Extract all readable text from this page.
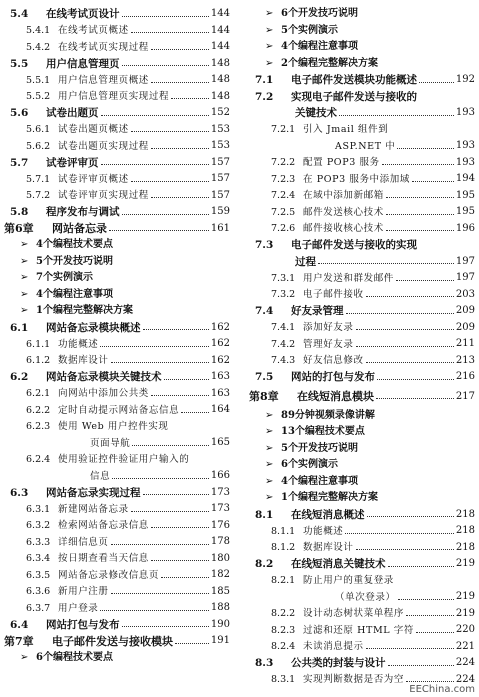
5.4	在线考试页设计	144
5.4.1 在线考试页概述	144
5.4.2 在线考试页实现过程	144
5.5	用户信息管理页	148
5.5.1 用户信息管理页概述	148
5.5.2 用户信息管理页实现过程	148
5.6	试卷出题页	152
5.6.1 试卷出题页概述	153
5.6.2 试卷出题页实现过程	153
5.7	试卷评审页	157
5.7.1 试卷评审页概述	157
5.7.2 试卷评审页实现过程	157
5.8	程序发布与调试	159
第6章	网站备忘录	161
➢ 4个编程技术要点
➢ 5个开发技巧说明
➢ 7个实例演示
➢ 4个编程注意事项
➢ 1个编程完整解决方案
6.1	网站备忘录模块概述	162
6.1.1 功能概述	162
6.1.2 数据库设计	162
6.2	网站备忘录模块关键技术	163
6.2.1 向网站中添加公共类	163
6.2.2 定时自动提示网站备忘信息	164
6.2.3 使用 Web 用户控件实现
页面导航	165
6.2.4 使用验证控件验证用户输入的
信息	166
6.3	网站备忘录实现过程	173
6.3.1 新建网站备忘录	173
6.3.2 检索网站备忘录信息	176
6.3.3 详细信息页	178
6.3.4 按日期查看当天信息	180
6.3.5 网站备忘录修改信息页	182
6.3.6 新用户注册	185
6.3.7 用户登录	188
6.4	网站打包与发布	190
第7章	电子邮件发送与接收模块	191
➢ 6个编程技术要点
➢ 6个开发技巧说明
➢ 5个实例演示
➢ 4个编程注意事项
➢ 2个编程完整解决方案
7.1	电子邮件发送模块功能概述	192
7.2	实现电子邮件发送与接收的
关键技术	193
7.2.1 引入 Jmail 组件到
ASP.NET 中	193
7.2.2 配置 POP3 服务	193
7.2.3 在 POP3 服务中添加域	194
7.2.4 在域中添加新邮箱	195
7.2.5 邮件发送核心技术	195
7.2.6 邮件接收核心技术	196
7.3	电子邮件发送与接收的实现
过程	197
7.3.1 用户发送和群发邮件	197
7.3.2 电子邮件接收	203
7.4	好友录管理	209
7.4.1 添加好友录	209
7.4.2 管理好友录	211
7.4.3 好友信息修改	213
7.5	网站的打包与发布	216
第8章	在线短消息模块	217
➢ 89分钟视频录像讲解
➢ 13个编程技术要点
➢ 5个开发技巧说明
➢ 6个实例演示
➢ 4个编程注意事项
➢ 1个编程完整解决方案
8.1	在线短消息概述	218
8.1.1 功能概述	218
8.1.2 数据库设计	218
8.2	在线短消息关键技术	219
8.2.1 防止用户的重复登录
（单次登录）	219
8.2.2 设计动态树状菜单程序	219
8.2.3 过滤和还原 HTML 字符	220
8.2.4 未读消息提示	221
8.3	公共类的封装与设计	224
8.3.1 实现判断数据是否为空	224
EEChina.com
